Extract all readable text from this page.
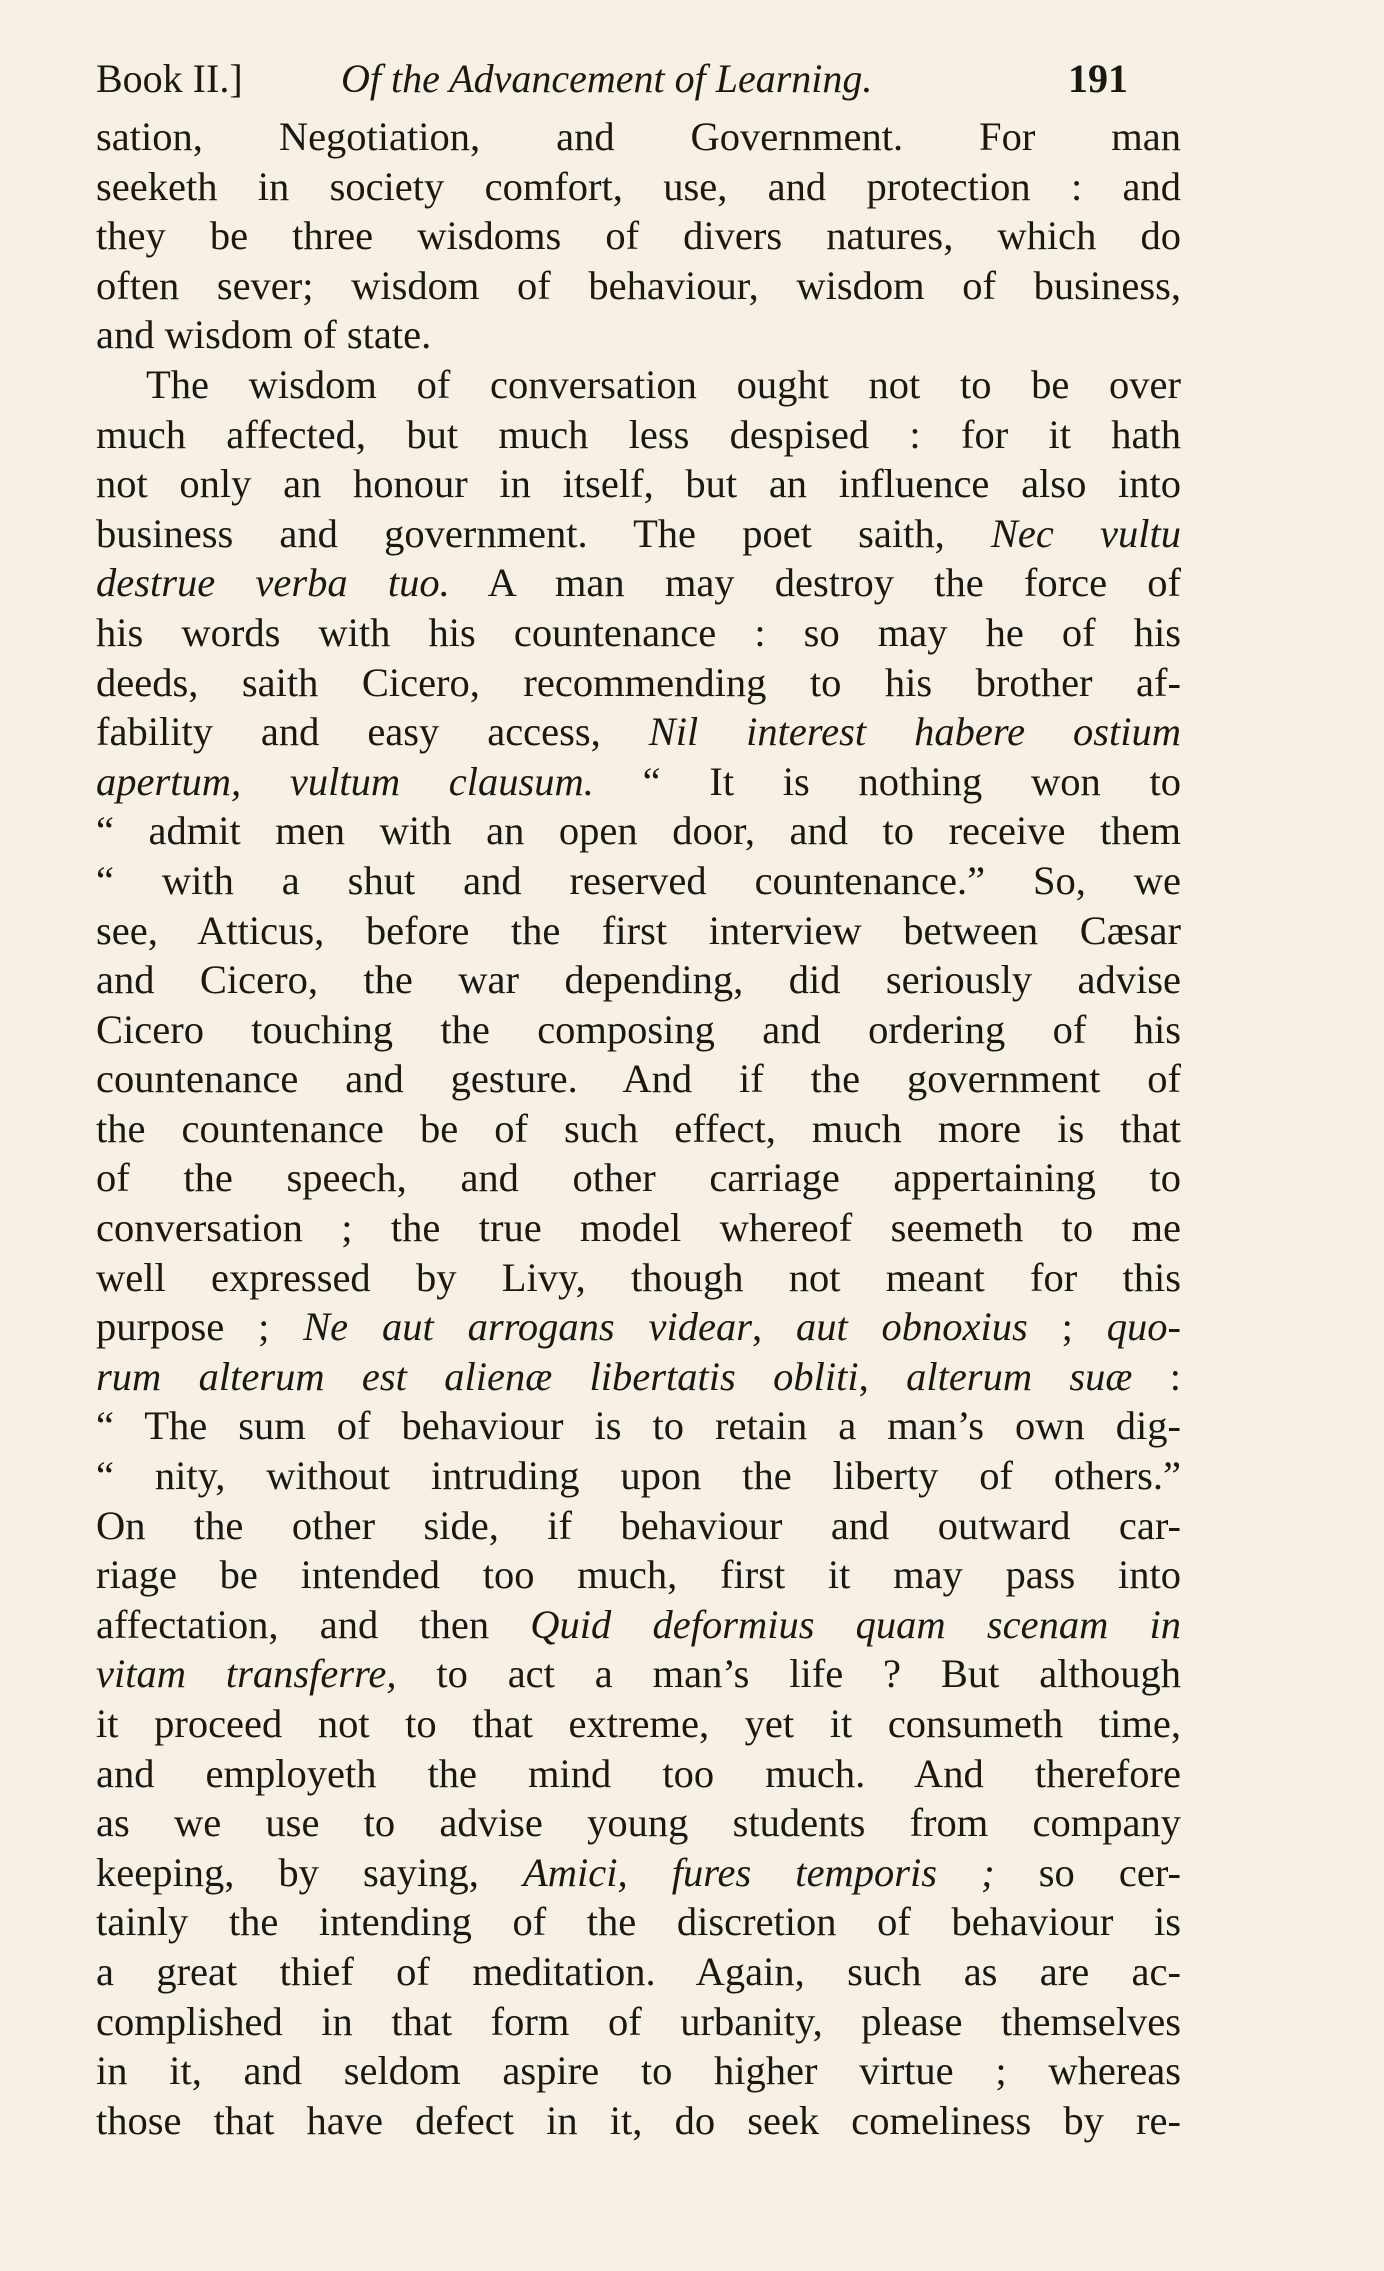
Book II.] Of the Advancement of Learning.	191
sation, Negotiation, and Government. For man
seeketh in society comfort, use, and protection : and
they be three wisdoms of divers natures, which do
often sever; wisdom of behaviour, wisdom of business,
and wisdom of state.
The wisdom of conversation ought not to be over
much affected, but much less despised : for it hath
not only an honour in itself, but an influence also into
business and government. The poet saith, Nec vultu
destrue verba tuo. A man may destroy the force of
his words with his countenance : so may he of his
deeds, saith Cicero, recommending to his brother af-
fability and easy access, Nil interest habere ostium
apertum, vultum clausum. “ It is nothing won to
“ admit men with an open door, and to receive them
“ with a shut and reserved countenance.” So, we
see, Atticus, before the first interview between Cæsar
and Cicero, the war depending, did seriously advise
Cicero touching the composing and ordering of his
countenance and gesture. And if the government of
the countenance be of such effect, much more is that
of the speech, and other carriage appertaining to
conversation ; the true model whereof seemeth to me
well expressed by Livy, though not meant for this
purpose ; Ne aut arrogans videar, aut obnoxius ; quo-
rum alterum est alienæ libertatis obliti, alterum suæ :
“ The sum of behaviour is to retain a man’s own dig-
“ nity, without intruding upon the liberty of others.”
On the other side, if behaviour and outward car-
riage be intended too much, first it may pass into
affectation, and then Quid deformius quam scenam in
vitam transferre, to act a man’s life ? But although
it proceed not to that extreme, yet it consumeth time,
and employeth the mind too much. And therefore
as we use to advise young students from company
keeping, by saying, Amici, fures temporis ; so cer-
tainly the intending of the discretion of behaviour is
a great thief of meditation. Again, such as are ac-
complished in that form of urbanity, please themselves
in it, and seldom aspire to higher virtue ; whereas
those that have defect in it, do seek comeliness by re-
